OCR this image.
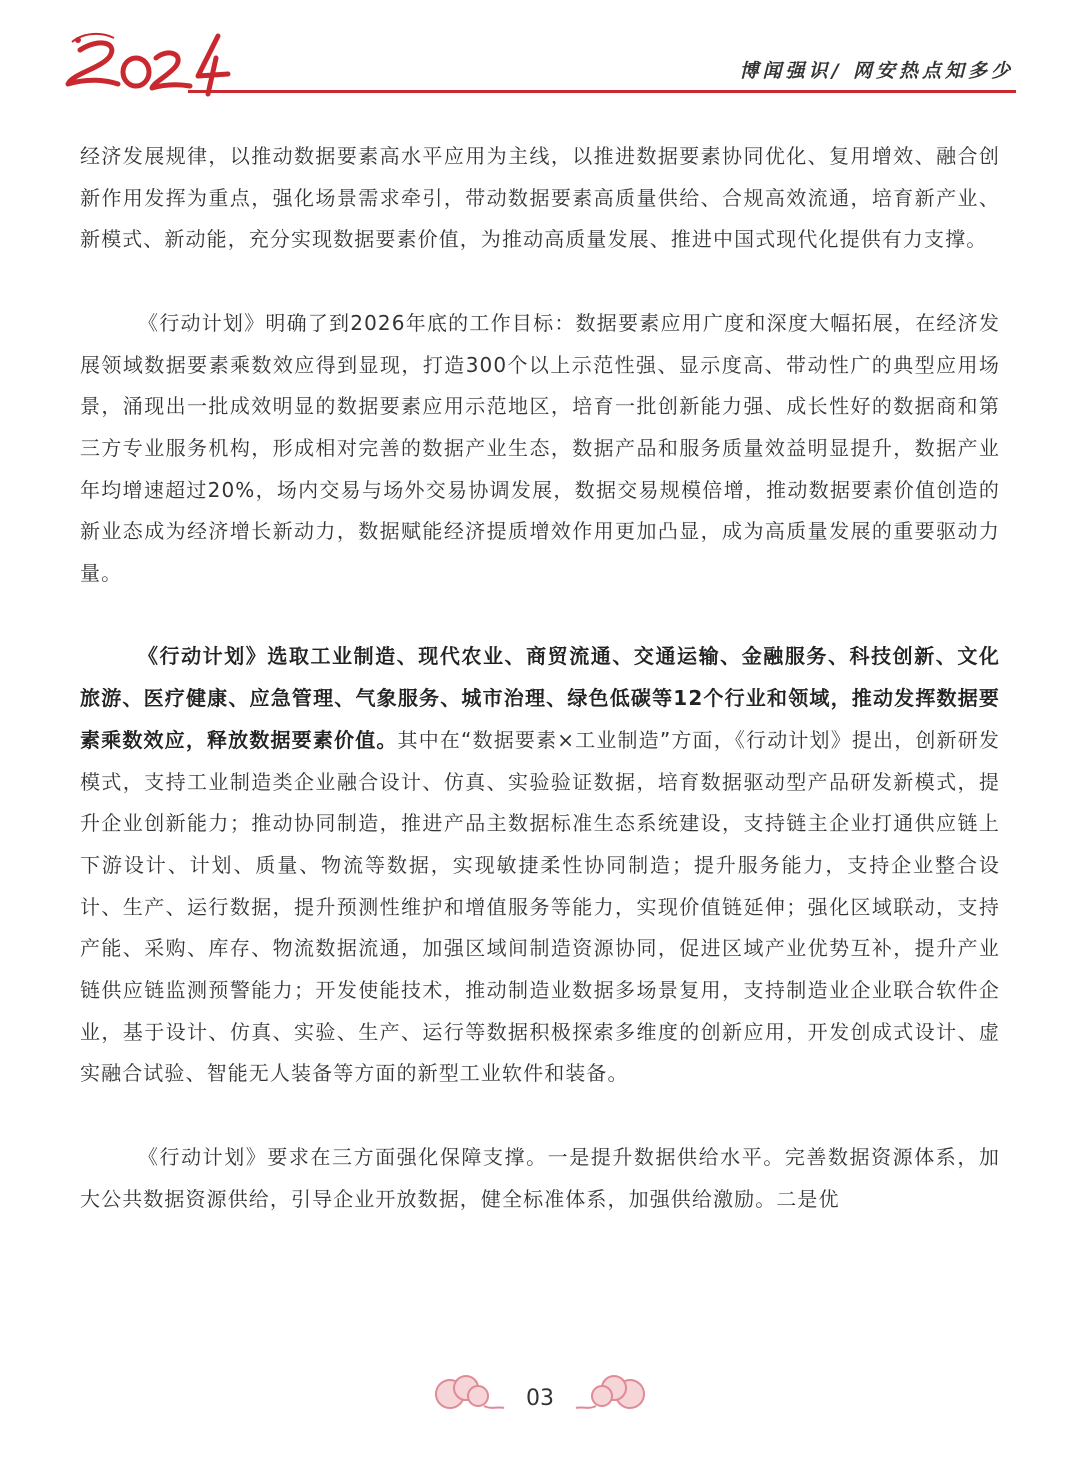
博闻强识/ 网安热点知多少

经济发展规律，以推动数据要素高水平应用为主线，以推进数据要素协同优化、复用增效、融合创新作用发挥为重点，强化场景需求牵引，带动数据要素高质量供给、合规高效流通，培育新产业、新模式、新动能，充分实现数据要素价值，为推动高质量发展、推进中国式现代化提供有力支撑。

《行动计划》明确了到2026年底的工作目标：数据要素应用广度和深度大幅拓展，在经济发展领域数据要素乘数效应得到显现，打造300个以上示范性强、显示度高、带动性广的典型应用场景，涌现出一批成效明显的数据要素应用示范地区，培育一批创新能力强、成长性好的数据商和第三方专业服务机构，形成相对完善的数据产业生态，数据产品和服务质量效益明显提升，数据产业年均增速超过20%，场内交易与场外交易协调发展，数据交易规模倍增，推动数据要素价值创造的新业态成为经济增长新动力，数据赋能经济提质增效作用更加凸显，成为高质量发展的重要驱动力量。

《行动计划》选取工业制造、现代农业、商贸流通、交通运输、金融服务、科技创新、文化旅游、医疗健康、应急管理、气象服务、城市治理、绿色低碳等12个行业和领域，推动发挥数据要素乘数效应，释放数据要素价值。其中在“数据要素×工业制造”方面，《行动计划》提出，创新研发模式，支持工业制造类企业融合设计、仿真、实验验证数据，培育数据驱动型产品研发新模式，提升企业创新能力；推动协同制造，推进产品主数据标准生态系统建设，支持链主企业打通供应链上下游设计、计划、质量、物流等数据，实现敏捷柔性协同制造；提升服务能力，支持企业整合设计、生产、运行数据，提升预测性维护和增值服务等能力，实现价值链延伸；强化区域联动，支持产能、采购、库存、物流数据流通，加强区域间制造资源协同，促进区域产业优势互补，提升产业链供应链监测预警能力；开发使能技术，推动制造业数据多场景复用，支持制造业企业联合软件企业，基于设计、仿真、实验、生产、运行等数据积极探索多维度的创新应用，开发创成式设计、虚实融合试验、智能无人装备等方面的新型工业软件和装备。

《行动计划》要求在三方面强化保障支撑。一是提升数据供给水平。完善数据资源体系，加大公共数据资源供给，引导企业开放数据，健全标准体系，加强供给激励。二是优

03
